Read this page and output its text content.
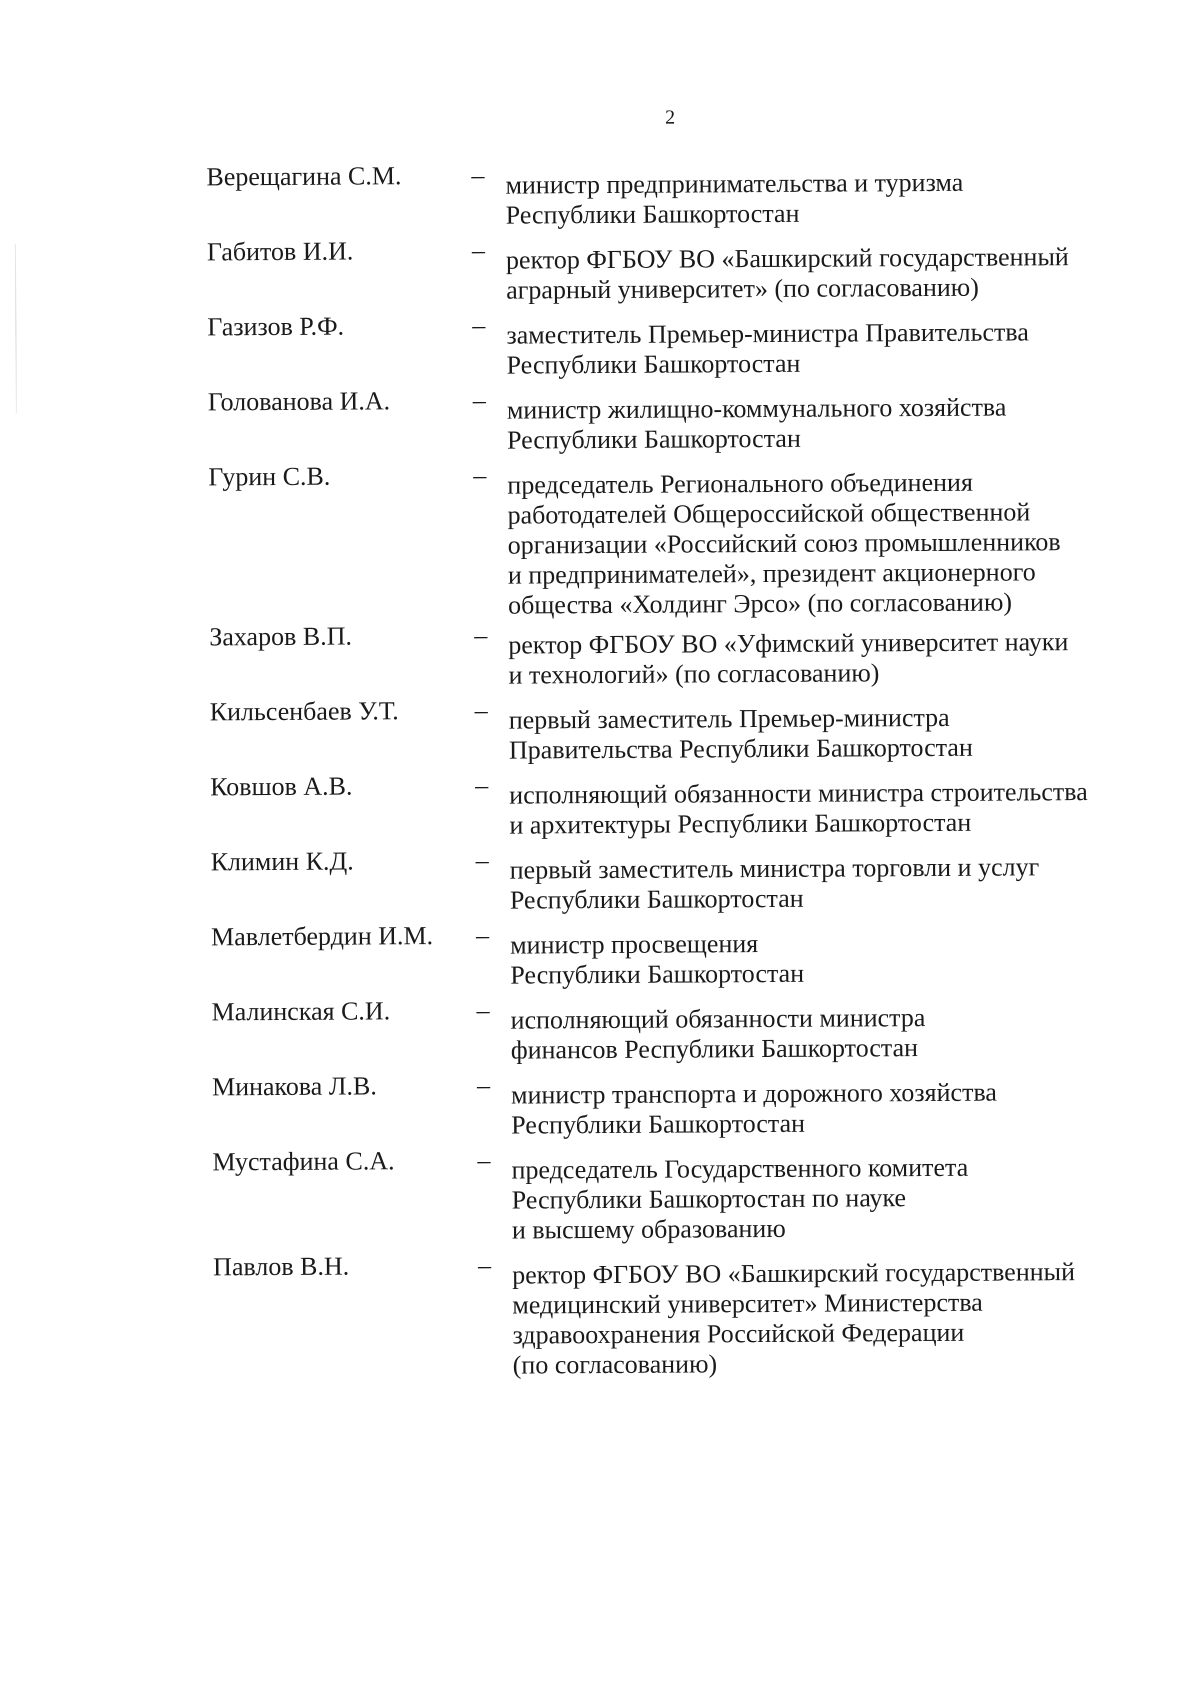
2
Верещагина С.М.	– министр предпринимательства и туризма
Республики Башкортостан
Габитов И.И.	– ректор ФГБОУ ВО «Башкирский государственный
аграрный университет» (по согласованию)
Газизов Р.Ф.	– заместитель Премьер-министра Правительства
Республики Башкортостан
Голованова И.А.	– министр жилищно-коммунального хозяйства
Республики Башкортостан
Гурин С.В.	– председатель Регионального объединения
работодателей Общероссийской общественной
организации «Российский союз промышленников
и предпринимателей», президент акционерного
общества «Холдинг Эрсо» (по согласованию)
Захаров В.П.	– ректор ФГБОУ ВО «Уфимский университет науки
и технологий» (по согласованию)
Кильсенбаев У.Т.	– первый заместитель Премьер-министра
Правительства Республики Башкортостан
Ковшов А.В.	– исполняющий обязанности министра строительства
и архитектуры Республики Башкортостан
Климин К.Д.	– первый заместитель министра торговли и услуг
Республики Башкортостан
Мавлетбердин И.М. – министр просвещения
Республики Башкортостан
Малинская С.И.	– исполняющий обязанности министра
финансов Республики Башкортостан
Минакова Л.В.	– министр транспорта и дорожного хозяйства
Республики Башкортостан
Мустафина С.А.	– председатель Государственного комитета
Республики Башкортостан по науке
и высшему образованию
Павлов В.Н.	– ректор ФГБОУ ВО «Башкирский государственный
медицинский университет» Министерства
здравоохранения Российской Федерации
(по согласованию)
